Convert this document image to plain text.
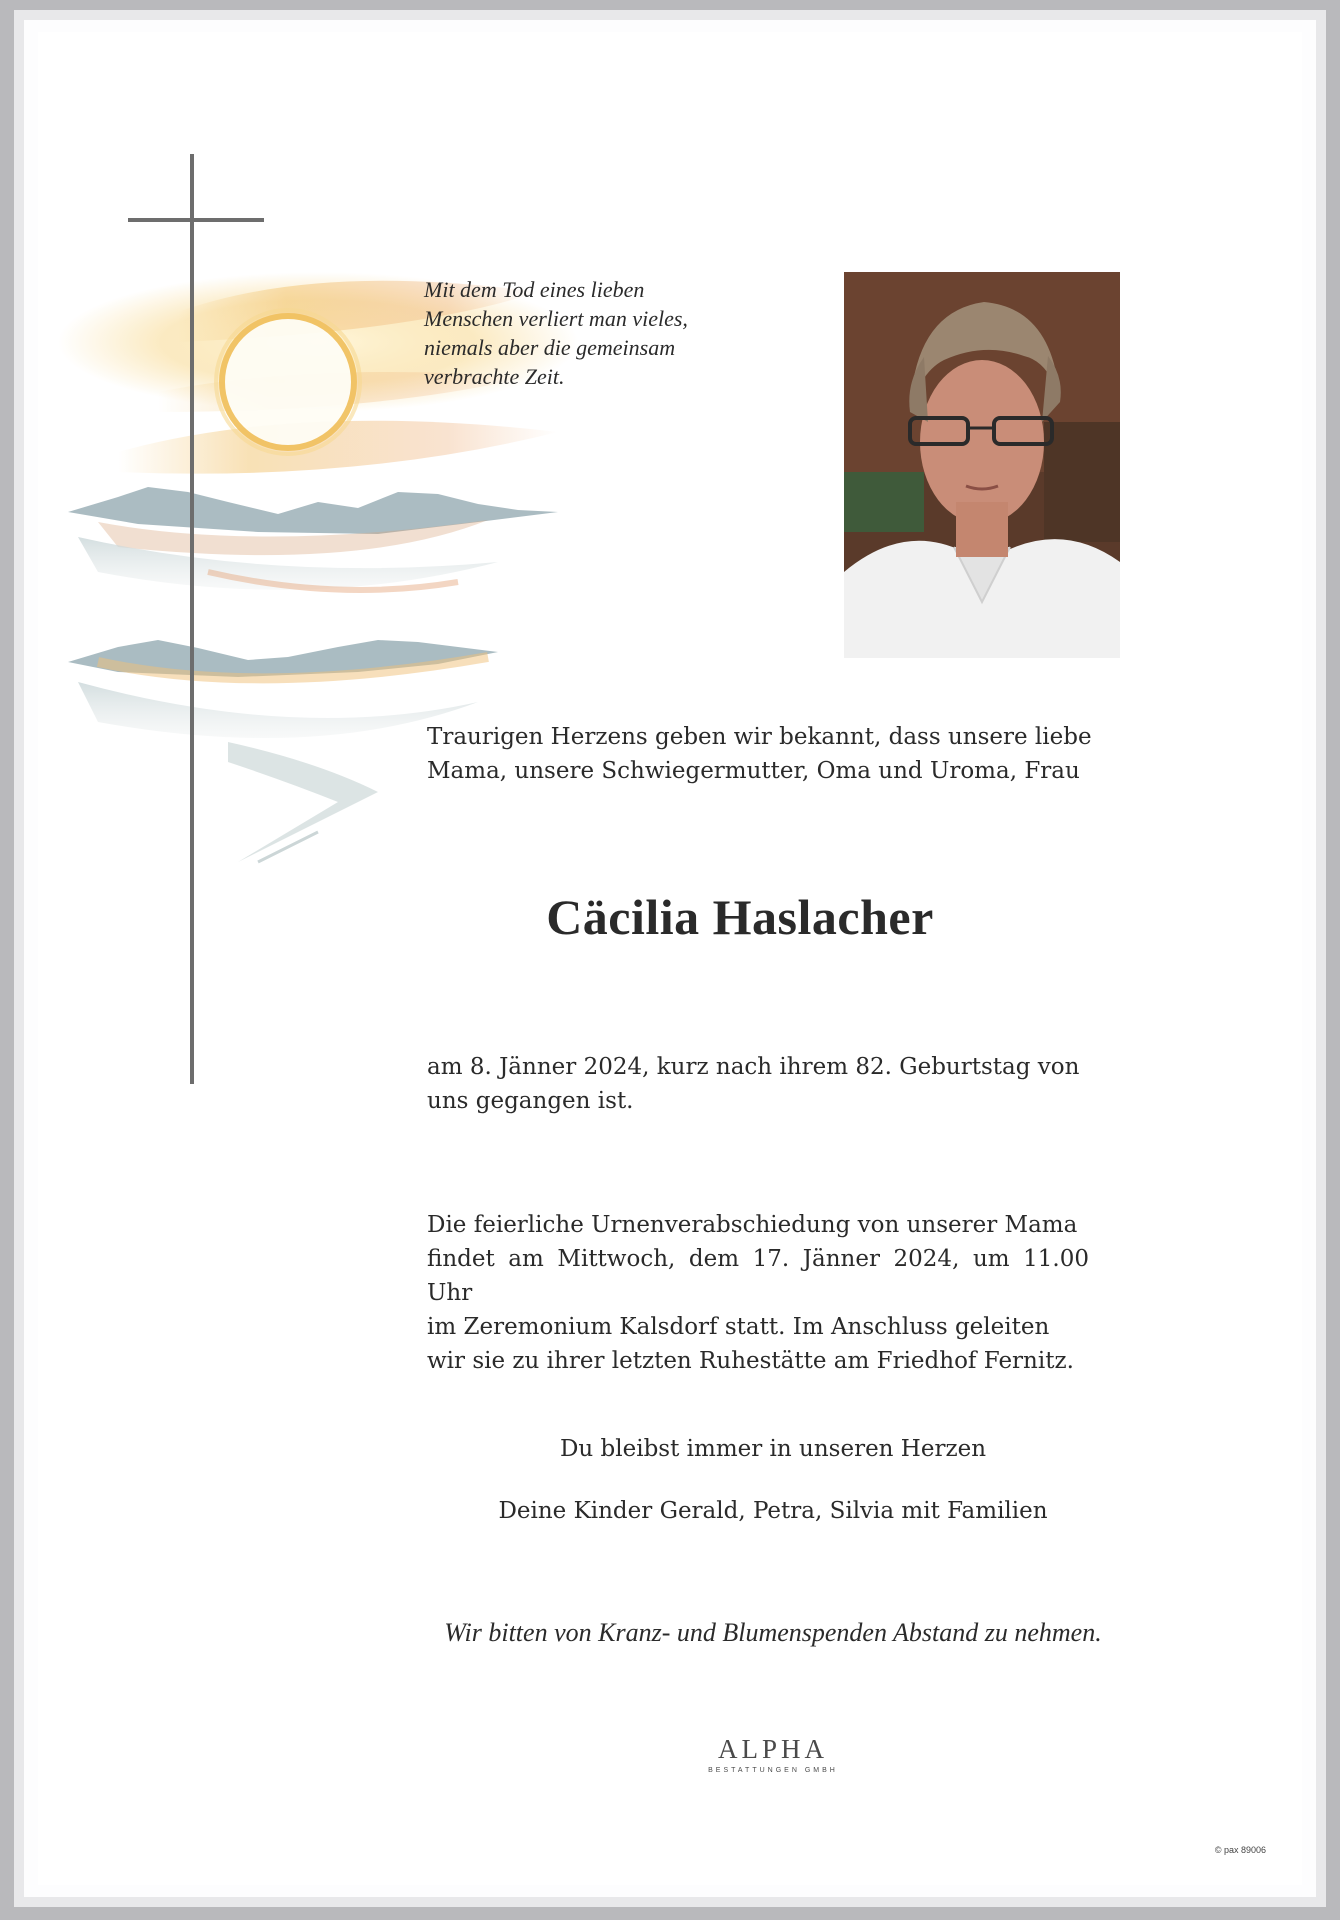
Mit dem Tod eines lieben
Menschen verliert man vieles,
niemals aber die gemeinsam
verbrachte Zeit.
Traurigen Herzens geben wir bekannt, dass unsere liebe
Mama, unsere Schwiegermutter, Oma und Uroma, Frau
Cäcilia Haslacher
am 8. Jänner 2024, kurz nach ihrem 82. Geburtstag von
uns gegangen ist.
Die feierliche Urnenverabschiedung von unserer Mama
findet am Mittwoch, dem 17. Jänner 2024, um 11.00 Uhr
im Zeremonium Kalsdorf statt. Im Anschluss geleiten
wir sie zu ihrer letzten Ruhestätte am Friedhof Fernitz.
Du bleibst immer in unseren Herzen
Deine Kinder Gerald, Petra, Silvia mit Familien
Wir bitten von Kranz- und Blumenspenden Abstand zu nehmen.
ALPHA
BESTATTUNGEN GMBH
© pax 89006
